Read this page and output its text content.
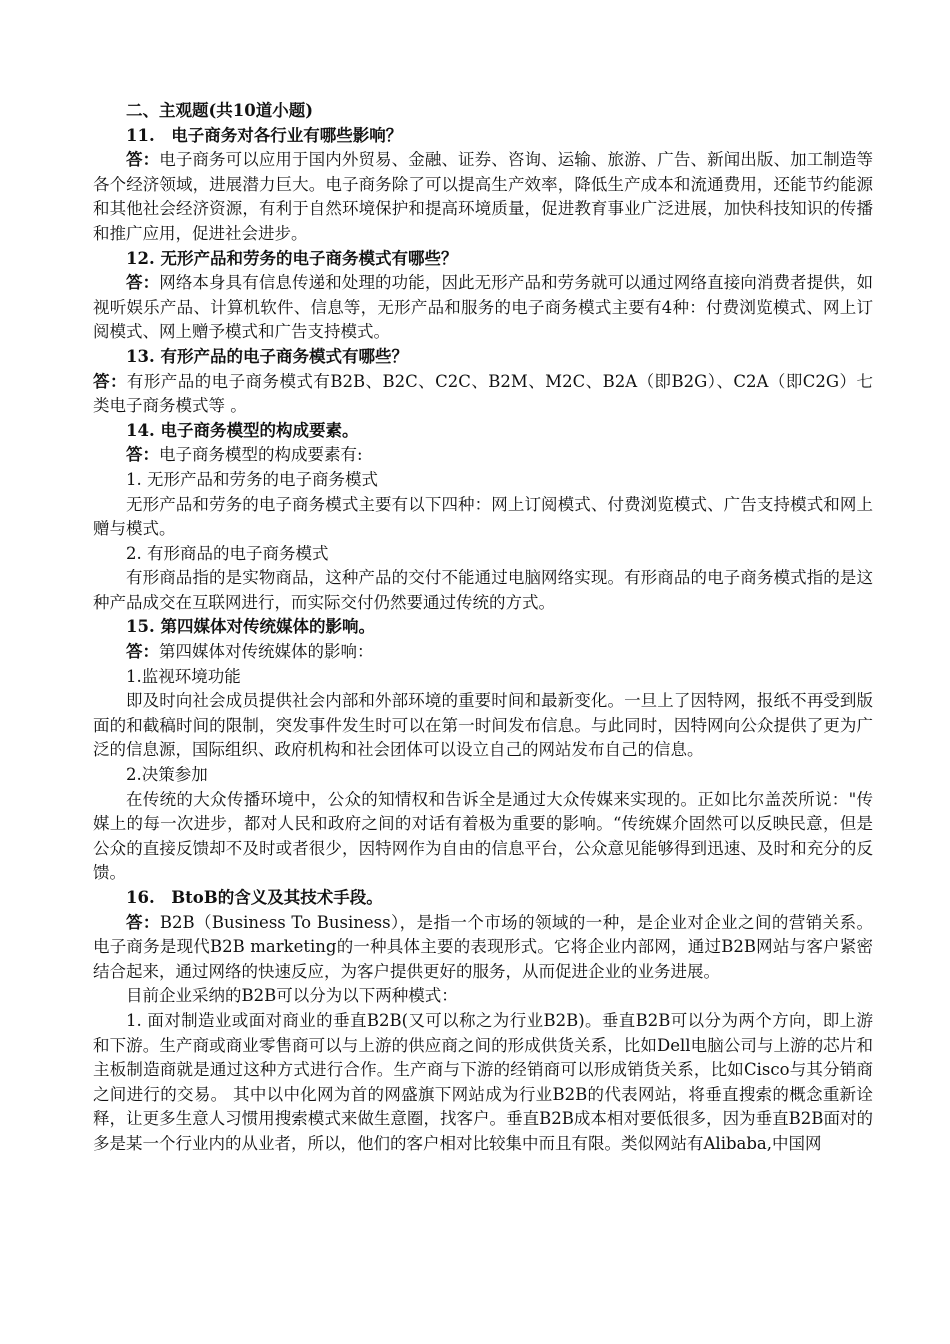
二、主观题(共10道小题)

11.　电子商务对各行业有哪些影响？

答：电子商务可以应用于国内外贸易、金融、证券、咨询、运输、旅游、广告、新闻出版、加工制造等各个经济领域，进展潜力巨大。电子商务除了可以提高生产效率，降低生产成本和流通费用，还能节约能源和其他社会经济资源，有利于自然环境保护和提高环境质量，促进教育事业广泛进展，加快科技知识的传播和推广应用，促进社会进步。

12. 无形产品和劳务的电子商务模式有哪些？

答：网络本身具有信息传递和处理的功能，因此无形产品和劳务就可以通过网络直接向消费者提供，如视听娱乐产品、计算机软件、信息等，无形产品和服务的电子商务模式主要有4种：付费浏览模式、网上订阅模式、网上赠予模式和广告支持模式。

13. 有形产品的电子商务模式有哪些？

答：有形产品的电子商务模式有B2B、B2C、C2C、B2M、M2C、B2A（即B2G）、C2A（即C2G）七类电子商务模式等 。

14. 电子商务模型的构成要素。

答：电子商务模型的构成要素有:

1. 无形产品和劳务的电子商务模式

无形产品和劳务的电子商务模式主要有以下四种：网上订阅模式、付费浏览模式、广告支持模式和网上赠与模式。

2. 有形商品的电子商务模式

有形商品指的是实物商品，这种产品的交付不能通过电脑网络实现。有形商品的电子商务模式指的是这种产品成交在互联网进行，而实际交付仍然要通过传统的方式。

15. 第四媒体对传统媒体的影响。

答：第四媒体对传统媒体的影响：

1.监视环境功能

即及时向社会成员提供社会内部和外部环境的重要时间和最新变化。一旦上了因特网，报纸不再受到版面的和截稿时间的限制，突发事件发生时可以在第一时间发布信息。与此同时，因特网向公众提供了更为广泛的信息源，国际组织、政府机构和社会团体可以设立自己的网站发布自己的信息。

2.决策参加

在传统的大众传播环境中，公众的知情权和告诉全是通过大众传媒来实现的。正如比尔盖茨所说："传媒上的每一次进步，都对人民和政府之间的对话有着极为重要的影响。“传统媒介固然可以反映民意，但是公众的直接反馈却不及时或者很少，因特网作为自由的信息平台，公众意见能够得到迅速、及时和充分的反馈。

16.　BtoB的含义及其技术手段。

答：B2B（Business To Business），是指一个市场的领域的一种，是企业对企业之间的营销关系。电子商务是现代B2B marketing的一种具体主要的表现形式。它将企业内部网，通过B2B网站与客户紧密结合起来，通过网络的快速反应，为客户提供更好的服务，从而促进企业的业务进展。

目前企业采纳的B2B可以分为以下两种模式：

1. 面对制造业或面对商业的垂直B2B(又可以称之为行业B2B)。垂直B2B可以分为两个方向，即上游和下游。生产商或商业零售商可以与上游的供应商之间的形成供货关系，比如Dell电脑公司与上游的芯片和主板制造商就是通过这种方式进行合作。生产商与下游的经销商可以形成销货关系，比如Cisco与其分销商之间进行的交易。 其中以中化网为首的网盛旗下网站成为行业B2B的代表网站，将垂直搜索的概念重新诠释，让更多生意人习惯用搜索模式来做生意圈，找客户。垂直B2B成本相对要低很多，因为垂直B2B面对的多是某一个行业内的从业者，所以，他们的客户相对比较集中而且有限。类似网站有Alibaba,中国网
